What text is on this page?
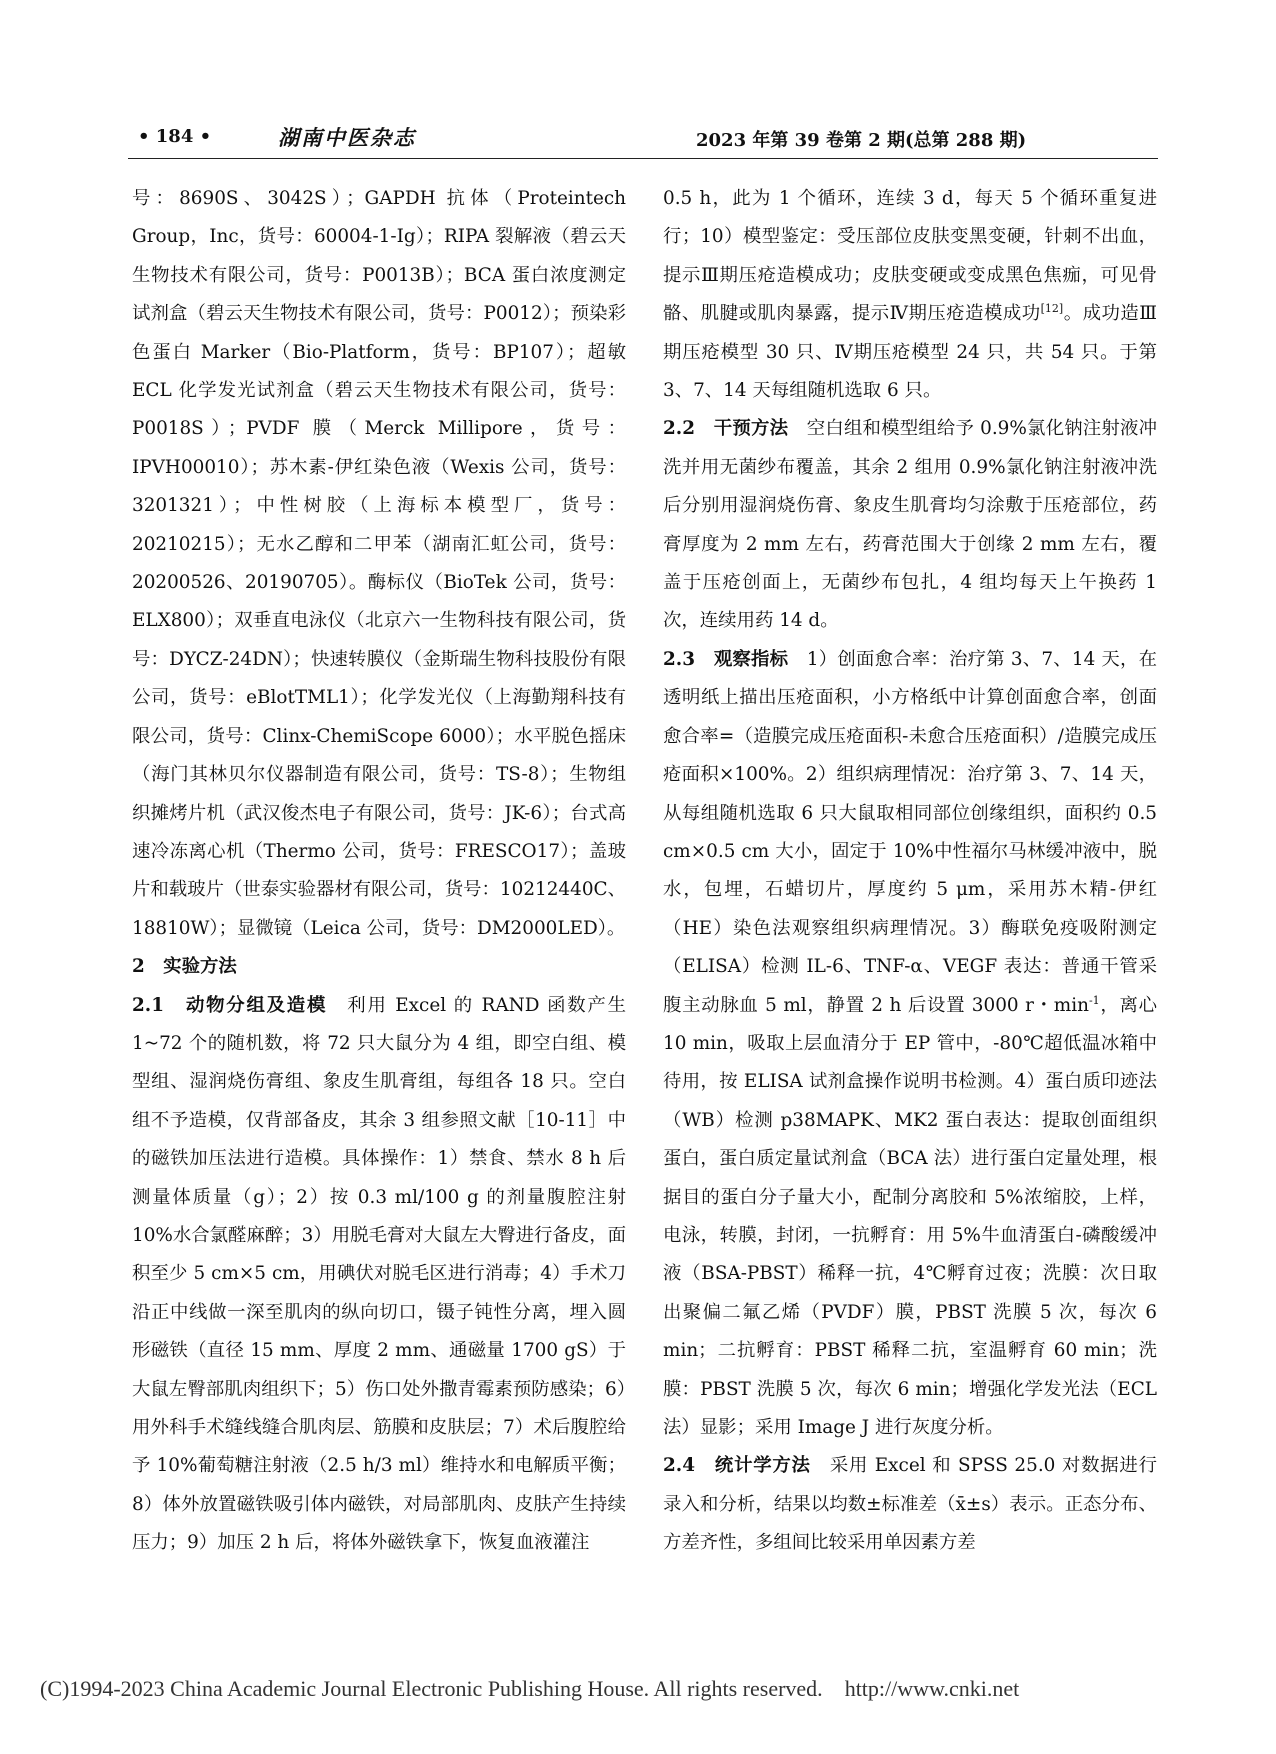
• 184 •	湖南中医杂志	2023 年第 39 卷第 2 期(总第 288 期)

号：8690S、3042S）；GAPDH 抗体（Proteintech Group，Inc，货号：60004-1-Ig）；RIPA 裂解液（碧云天生物技术有限公司，货号：P0013B）；BCA 蛋白浓度测定试剂盒（碧云天生物技术有限公司，货号：P0012）；预染彩色蛋白 Marker（Bio-Platform，货号：BP107）；超敏 ECL 化学发光试剂盒（碧云天生物技术有限公司，货号：P0018S）；PVDF 膜（Merck Millipore，货号：IPVH00010）；苏木素-伊红染色液（Wexis 公司，货号：3201321）；中性树胶（上海标本模型厂，货号：20210215）；无水乙醇和二甲苯（湖南汇虹公司，货号：20200526、20190705）。酶标仪（BioTek 公司，货号：ELX800）；双垂直电泳仪（北京六一生物科技有限公司，货号：DYCZ-24DN）；快速转膜仪（金斯瑞生物科技股份有限公司，货号：eBlotTML1）；化学发光仪（上海勤翔科技有限公司，货号：Clinx-ChemiScope 6000）；水平脱色摇床（海门其林贝尔仪器制造有限公司，货号：TS-8）；生物组织摊烤片机（武汉俊杰电子有限公司，货号：JK-6）；台式高速冷冻离心机（Thermo 公司，货号：FRESCO17）；盖玻片和载玻片（世泰实验器材有限公司，货号：10212440C、18810W）；显微镜（Leica 公司，货号：DM2000LED）。

2　实验方法

2.1　 动物分组及造模　 利用 Excel 的 RAND 函数产生 1~72 个的随机数，将 72 只大鼠分为 4 组，即空白组、模型组、湿润烧伤膏组、象皮生肌膏组，每组各 18 只。空白组不予造模，仅背部备皮，其余 3 组参照文献［10-11］中的磁铁加压法进行造模。具体操作：1）禁食、禁水 8 h 后测量体质量（g）；2）按 0.3 ml/100 g 的剂量腹腔注射 10%水合氯醛麻醉；3）用脱毛膏对大鼠左大臀进行备皮，面积至少 5 cm×5 cm，用碘伏对脱毛区进行消毒；4）手术刀沿正中线做一深至肌肉的纵向切口，镊子钝性分离，埋入圆形磁铁（直径 15 mm、厚度 2 mm、通磁量 1700 gS）于大鼠左臀部肌肉组织下；5）伤口处外撒青霉素预防感染；6）用外科手术缝线缝合肌肉层、筋膜和皮肤层；7）术后腹腔给予 10%葡萄糖注射液（2.5 h/3 ml）维持水和电解质平衡；8）体外放置磁铁吸引体内磁铁，对局部肌肉、皮肤产生持续压力；9）加压 2 h 后，将体外磁铁拿下，恢复血液灌注

0.5 h，此为 1 个循环，连续 3 d，每天 5 个循环重复进行；10）模型鉴定：受压部位皮肤变黑变硬，针刺不出血，提示Ⅲ期压疮造模成功；皮肤变硬或变成黑色焦痂，可见骨骼、肌腱或肌肉暴露，提示Ⅳ期压疮造模成功[12]。成功造Ⅲ期压疮模型 30 只、Ⅳ期压疮模型 24 只，共 54 只。于第 3、7、14 天每组随机选取 6 只。

2.2　 干预方法　 空白组和模型组给予 0.9%氯化钠注射液冲洗并用无菌纱布覆盖，其余 2 组用 0.9%氯化钠注射液冲洗后分别用湿润烧伤膏、象皮生肌膏均匀涂敷于压疮部位，药膏厚度为 2 mm 左右，药膏范围大于创缘 2 mm 左右，覆盖于压疮创面上，无菌纱布包扎，4 组均每天上午换药 1 次，连续用药 14 d。

2.3　 观察指标　 1）创面愈合率：治疗第 3、7、14 天，在透明纸上描出压疮面积，小方格纸中计算创面愈合率，创面愈合率=（造膜完成压疮面积-未愈合压疮面积）/造膜完成压疮面积×100%。2）组织病理情况：治疗第 3、7、14 天，从每组随机选取 6 只大鼠取相同部位创缘组织，面积约 0.5 cm×0.5 cm 大小，固定于 10%中性福尔马林缓冲液中，脱水，包埋，石蜡切片，厚度约 5 μm，采用苏木精-伊红（HE）染色法观察组织病理情况。3）酶联免疫吸附测定（ELISA）检测 IL-6、TNF-α、VEGF 表达：普通干管采腹主动脉血 5 ml，静置 2 h 后设置 3000 r・$\min^{-1}$，离心 10 min，吸取上层血清分于 EP 管中，-80℃超低温冰箱中待用，按 ELISA 试剂盒操作说明书检测。4）蛋白质印迹法（WB）检测 p38MAPK、MK2 蛋白表达：提取创面组织蛋白，蛋白质定量试剂盒（BCA 法）进行蛋白定量处理，根据目的蛋白分子量大小，配制分离胶和 5%浓缩胶，上样，电泳，转膜，封闭，一抗孵育：用 5%牛血清蛋白-磷酸缓冲液（BSA-PBST）稀释一抗，4℃孵育过夜；洗膜：次日取出聚偏二氟乙烯（PVDF）膜，PBST 洗膜 5 次，每次 6 min；二抗孵育：PBST 稀释二抗，室温孵育 60 min；洗膜：PBST 洗膜 5 次，每次 6 min；增强化学发光法（ECL 法）显影；采用 Image J 进行灰度分析。

2.4　 统计学方法　 采用 Excel 和 SPSS 25.0 对数据进行录入和分析，结果以均数±标准差（x̄±s）表示。正态分布、方差齐性，多组间比较采用单因素方差

(C)1994-2023 China Academic Journal Electronic Publishing House. All rights reserved. http://www.cnki.net
